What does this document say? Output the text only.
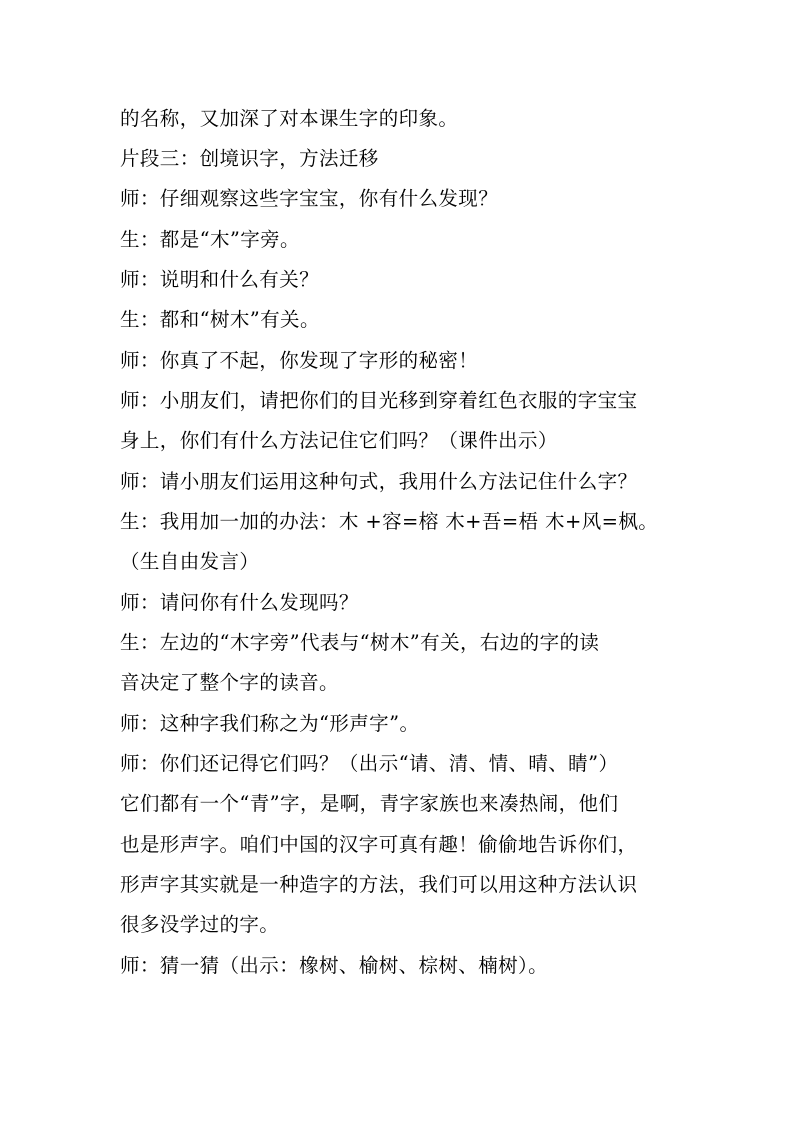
的名称，又加深了对本课生字的印象。
片段三：创境识字，方法迁移
师：仔细观察这些字宝宝，你有什么发现？
生：都是“木”字旁。
师：说明和什么有关？
生：都和“树木”有关。
师：你真了不起，你发现了字形的秘密！
师：小朋友们，请把你们的目光移到穿着红色衣服的字宝宝
身上，你们有什么方法记住它们吗？（课件出示）
师：请小朋友们运用这种句式，我用什么方法记住什么字？
生：我用加一加的办法：木 +容=榕 木+吾=梧 木+风=枫。
（生自由发言）
师：请问你有什么发现吗？
生：左边的“木字旁”代表与“树木”有关，右边的字的读
音决定了整个字的读音。
师：这种字我们称之为“形声字”。
师：你们还记得它们吗？（出示“请、清、情、晴、睛”）
它们都有一个“青”字，是啊，青字家族也来凑热闹，他们
也是形声字。咱们中国的汉字可真有趣！偷偷地告诉你们，
形声字其实就是一种造字的方法，我们可以用这种方法认识
很多没学过的字。
师：猜一猜（出示：橡树、榆树、棕树、楠树）。
